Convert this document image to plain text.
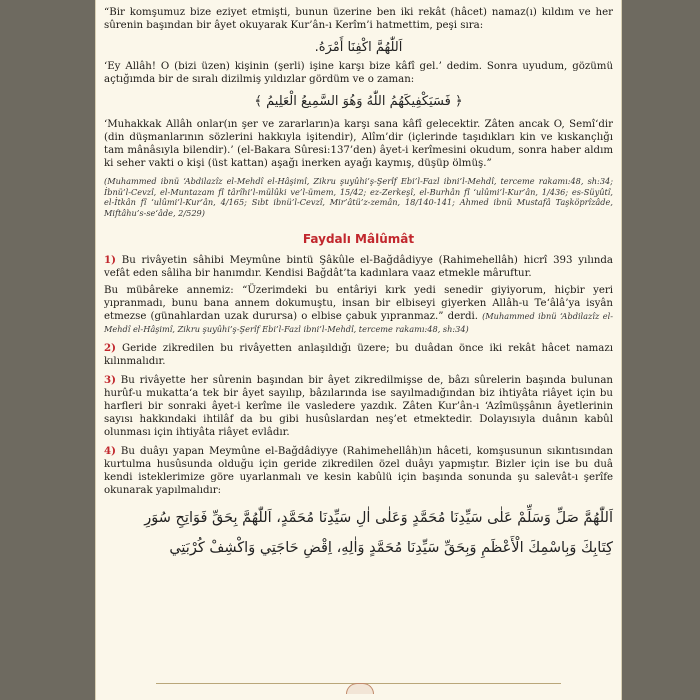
“Bir komşumuz bize eziyet etmişti, bunun üzerine ben iki rekât (hâcet) namaz(ı) kıldım ve her sûrenin başından bir âyet okuyarak Kur’ân-ı Kerîm’i hatmettim, peşi sıra:

اَللّٰهُمَّ اكْفِنَا أَمْرَهُ.

‘Ey Allâh! O (bizi üzen) kişinin (şerli) işine karşı bize kâfî gel.’ dedim. Sonra uyudum, gözümü açtığımda bir de sıralı dizilmiş yıldızlar gördüm ve o zaman:

﴿ فَسَيَكْفِيكَهُمُ اللّٰهُ وَهُوَ السَّمِيعُ الْعَلِيمُ ﴾

‘Muhakkak Allâh onlar(ın şer ve zararların)a karşı sana kâfî gelecektir. Zâten ancak O, Semî‘dir (din düşmanlarının sözlerini hakkıyla işitendir), Alîm’dir (içlerinde taşıdıkları kin ve kıskançlığı tam mânâsıyla bilendir).’ (el-Bakara Sûresi:137’den) âyet-i kerîmesini okudum, sonra haber aldım ki seher vakti o kişi (üst kattan) aşağı inerken ayağı kaymış, düşüp ölmüş.”

(Muhammed ibnü ‘Abdilazîz el-Mehdî el-Hâşimî, Zikru şuyûhi’ş-Şerîf Ebi’l-Fazl ibni’l-Mehdî, terceme rakamı:48, sh:34; İbnü’l-Cevzî, el-Muntazam fî târîhi’l-mülûki ve’l-ümem, 15/42; ez-Zerkeşî, el-Burhân fî ‘ulûmi’l-Kur’ân, 1/436; es-Süyûtî, el-İtkân fî ‘ulûmi’l-Kur’ân, 4/165; Sıbt ibnü’l-Cevzî, Mir’âtü’z-zemân, 18/140-141; Ahmed ibnü Mustafâ Taşköprîzâde, Miftâhu’s-se‘âde, 2/529)

Faydalı Mâlûmât

1) Bu rivâyetin sâhibi Meymûne bintü Şâkûle el-Bağdâdiyye (Rahimehellâh) hicrî 393 yılında vefât eden sâliha bir hanımdır. Kendisi Bağdât’ta kadınlara vaaz etmekle mâruftur.

Bu mübâreke annemiz: “Üzerimdeki bu entâriyi kırk yedi senedir giyiyorum, hiçbir yeri yıpranmadı, bunu bana annem dokumuştu, insan bir elbiseyi giyerken Allâh-u Te‘âlâ’ya isyân etmezse (günahlardan uzak durursa) o elbise çabuk yıpranmaz.” derdi. (Muhammed ibnü ‘Abdilazîz el-Mehdî el-Hâşimî, Zikru şuyûhi’ş-Şerîf Ebi’l-Fazl ibni’l-Mehdî, terceme rakamı:48, sh:34)

2) Geride zikredilen bu rivâyetten anlaşıldığı üzere; bu duâdan önce iki rekât hâcet namazı kılınmalıdır.

3) Bu rivâyette her sûrenin başından bir âyet zikredilmişse de, bâzı sûrelerin başında bulunan hurûf-u mukatta‘a tek bir âyet sayılıp, bâzılarında ise sayılmadığından biz ihtiyâta riâyet için bu harfleri bir sonraki âyet-i kerîme ile vasledere yazdık. Zâten Kur’ân-ı ‘Azîmüşşânın âyetlerinin sayısı hakkındaki ihtilâf da bu gibi husûslardan neş’et etmektedir. Dolayısıyla duânın kabûl olunması için ihtiyâta riâyet evlâdır.

4) Bu duâyı yapan Meymûne el-Bağdâdiyye (Rahimehellâh)ın hâceti, komşusunun sıkıntısından kurtulma husûsunda olduğu için geride zikredilen özel duâyı yapmıştır. Bizler için ise bu duâ kendi isteklerimize göre uyarlanmalı ve kesin kabûlü için başında sonunda şu salevât-ı şerîfe okunarak yapılmalıdır:

اَللّٰهُمَّ صَلِّ وَسَلِّمْ عَلٰى سَيِّدِنَا مُحَمَّدٍ وَعَلٰى اٰلِ سَيِّدِنَا مُحَمَّدٍ، اَللّٰهُمَّ بِحَقِّ فَوَاتِحِ سُوَرِ
كِتَابِكَ وَبِاسْمِكَ الْأَعْظَمِ وَبِحَقِّ سَيِّدِنَا مُحَمَّدٍ وَاٰلِهِ، اِقْضِ حَاجَتِي وَاكْشِفْ كُرْبَتِي
